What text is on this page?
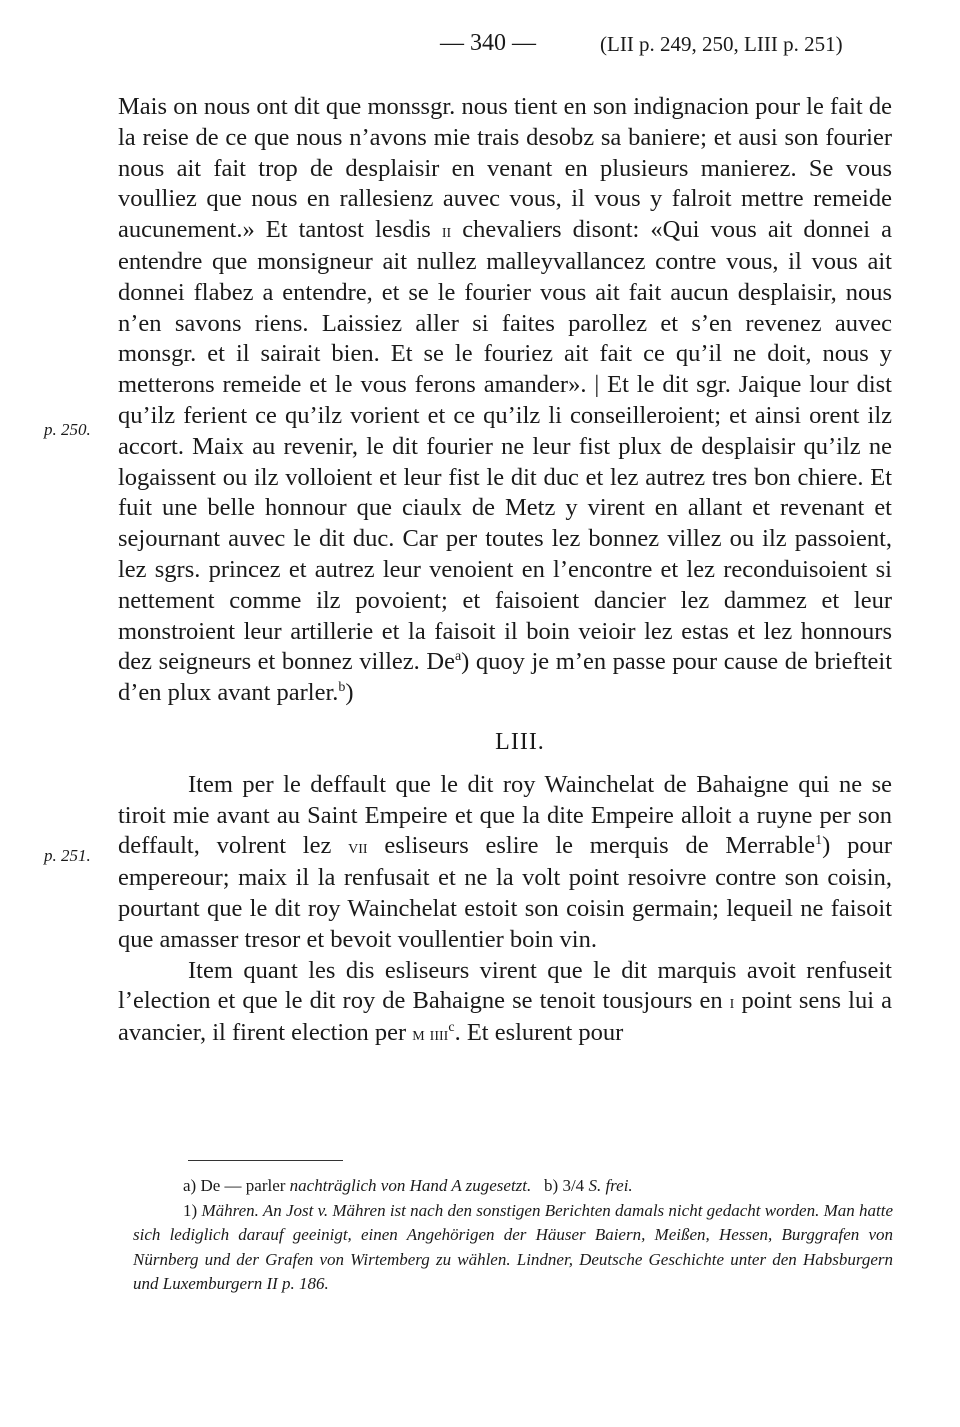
— 340 —	(LII p. 249, 250, LIII p. 251)
p. 250.
p. 251.

Mais on nous ont dit que monssgr. nous tient en son indignacion pour le fait de la reise de ce que nous n’avons mie trais desobz sa baniere; et ausi son fourier nous ait fait trop de desplaisir en venant en plusieurs manierez. Se vous voulliez que nous en rallesienz auvec vous, il vous y falroit mettre remeide aucunement.» Et tantost lesdis ii chevaliers disont: «Qui vous ait donnei a entendre que monsigneur ait nullez malleyvallancez contre vous, il vous ait donnei flabez a entendre, et se le fourier vous ait fait aucun desplaisir, nous n’en savons riens. Laissiez aller si faites parollez et s’en revenez auvec monsgr. et il sairait bien. Et se le fouriez ait fait ce qu’il ne doit, nous y metterons remeide et le vous ferons amander». | Et le dit sgr. Jaique lour dist qu’ilz ferient ce qu’ilz vorient et ce qu’ilz li conseilleroient; et ainsi orent ilz accort. Maix au revenir, le dit fourier ne leur fist plux de desplaisir qu’ilz ne logaissent ou ilz volloient et leur fist le dit duc et lez autrez tres bon chiere. Et fuit une belle honnour que ciaulx de Metz y virent en allant et revenant et sejournant auvec le dit duc. Car per toutes lez bonnez villez ou ilz passoient, lez sgrs. princez et autrez leur venoient en l’encontre et lez reconduisoient si nettement comme ilz povoient; et faisoient dancier lez dammez et leur monstroient leur artillerie et la faisoit il boin veioir lez estas et lez honnours dez seigneurs et bonnez villez. De$^a$) quoy je m’en passe pour cause de briefteit d’en plux avant parler.$^b$)

LIII.

Item per le deffault que le dit roy Wainchelat de Bahaigne qui ne se tiroit mie avant au Saint Empeire et que la dite Empeire alloit a ruyne per son deffault, volrent lez vii esliseurs eslire le merquis de Merrable$^1$) pour empereour; maix il la renfusait et ne la volt point resoivre contre son coisin, pourtant que le dit roy Wainchelat estoit son coisin germain; lequeil ne faisoit que amasser tresor et bevoit voullentier boin vin.

Item quant les dis esliseurs virent que le dit marquis avoit renfuseit l’election et que le dit roy de Bahaigne se tenoit tousjours en i point sens lui a avancier, il firent election per m iiii$^c$. Et eslurent pour

a) De — parler nachträglich von Hand A zugesetzt. b) 3/4 S. frei.

1) Mähren. An Jost v. Mähren ist nach den sonstigen Berichten damals nicht gedacht worden. Man hatte sich lediglich darauf geeinigt, einen Angehörigen der Häuser Baiern, Meißen, Hessen, Burggrafen von Nürnberg und der Grafen von Wirtemberg zu wählen. Lindner, Deutsche Geschichte unter den Habsburgern und Luxemburgern II p. 186.
